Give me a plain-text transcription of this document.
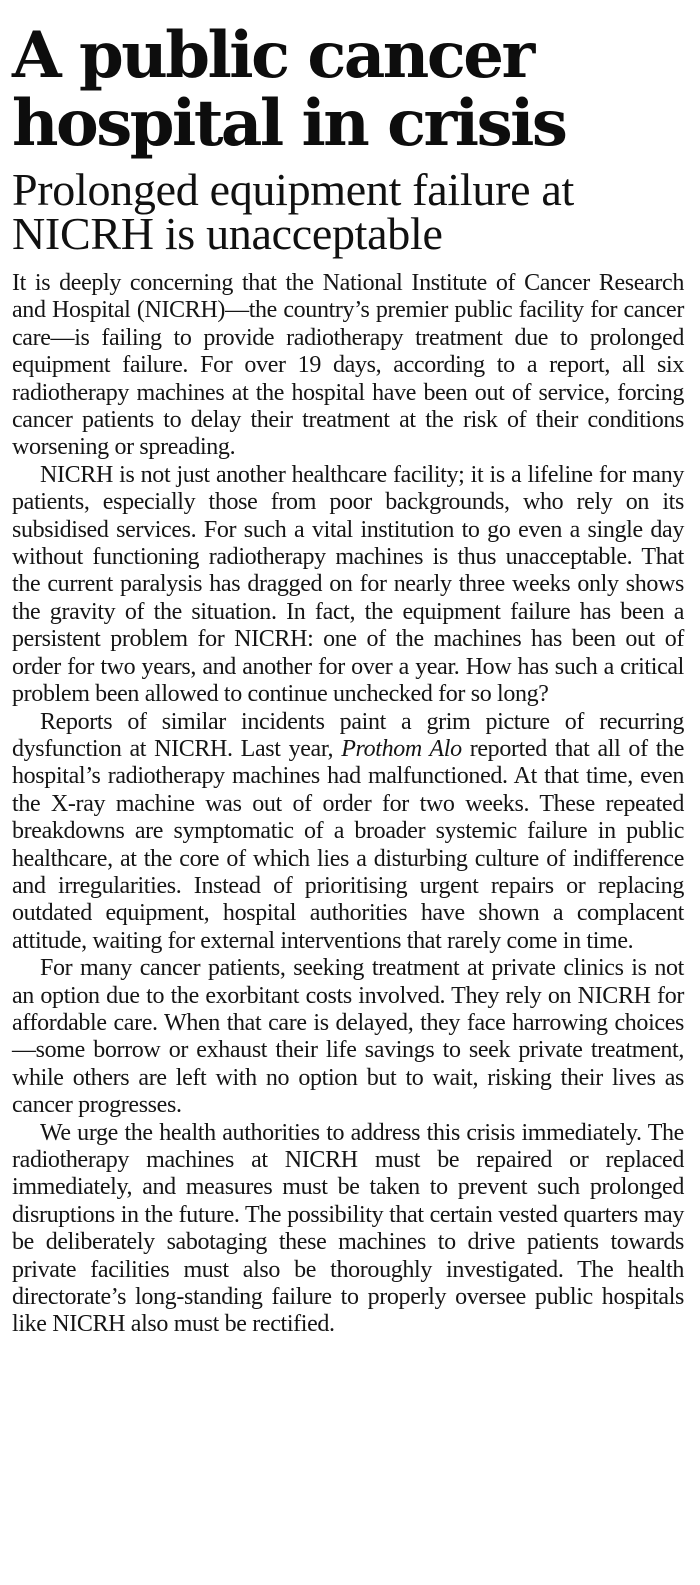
A public cancer hospital in crisis
Prolonged equipment failure at NICRH is unacceptable

It is deeply concerning that the National Institute of Cancer Research and Hospital (NICRH)—the country’s premier public facility for cancer care—is failing to provide radiotherapy treatment due to prolonged equipment failure. For over 19 days, according to a report, all six radiotherapy machines at the hospital have been out of service, forcing cancer patients to delay their treatment at the risk of their conditions worsening or spreading.

NICRH is not just another healthcare facility; it is a lifeline for many patients, especially those from poor backgrounds, who rely on its subsidised services. For such a vital institution to go even a single day without functioning radiotherapy machines is thus unacceptable. That the current paralysis has dragged on for nearly three weeks only shows the gravity of the situation. In fact, the equipment failure has been a persistent problem for NICRH: one of the machines has been out of order for two years, and another for over a year. How has such a critical problem been allowed to continue unchecked for so long?

Reports of similar incidents paint a grim picture of recurring dysfunction at NICRH. Last year, Prothom Alo reported that all of the hospital’s radiotherapy machines had malfunctioned. At that time, even the X-ray machine was out of order for two weeks. These repeated breakdowns are symptomatic of a broader systemic failure in public healthcare, at the core of which lies a disturbing culture of indifference and irregularities. Instead of prioritising urgent repairs or replacing outdated equipment, hospital authorities have shown a complacent attitude, waiting for external interventions that rarely come in time.

For many cancer patients, seeking treatment at private clinics is not an option due to the exorbitant costs involved. They rely on NICRH for affordable care. When that care is delayed, they face harrowing choices—some borrow or exhaust their life savings to seek private treatment, while others are left with no option but to wait, risking their lives as cancer progresses.

We urge the health authorities to address this crisis immediately. The radiotherapy machines at NICRH must be repaired or replaced immediately, and measures must be taken to prevent such prolonged disruptions in the future. The possibility that certain vested quarters may be deliberately sabotaging these machines to drive patients towards private facilities must also be thoroughly investigated. The health directorate’s long-standing failure to properly oversee public hospitals like NICRH also must be rectified.
